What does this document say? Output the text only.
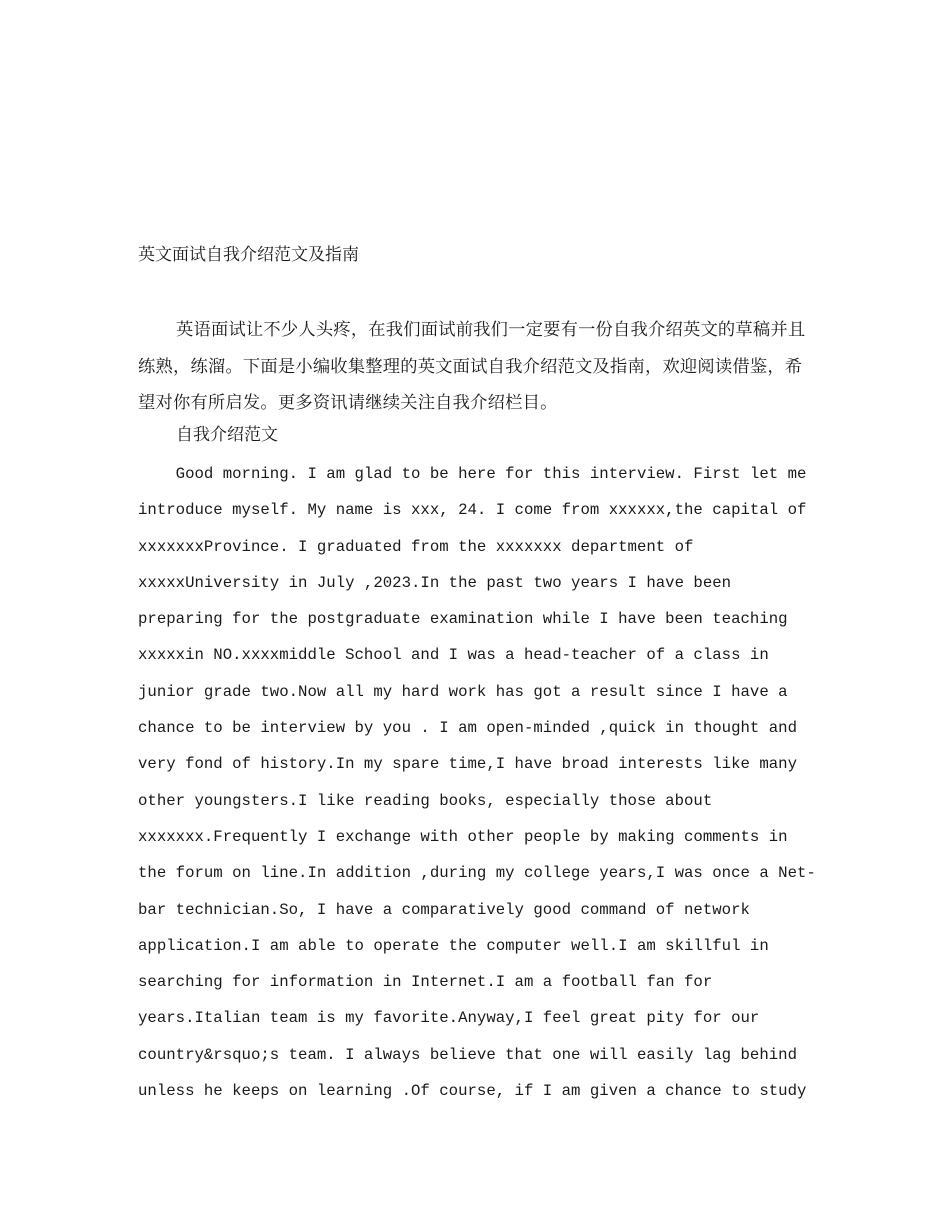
英文面试自我介绍范文及指南

英语面试让不少人头疼，在我们面试前我们一定要有一份自我介绍英文的草稿并且练熟，练溜。下面是小编收集整理的英文面试自我介绍范文及指南，欢迎阅读借鉴，希望对你有所启发。更多资讯请继续关注自我介绍栏目。

自我介绍范文
Good morning. I am glad to be here for this interview. First let me
introduce myself. My name is xxx, 24. I come from xxxxxx,the capital of
xxxxxxxProvince. I graduated from the xxxxxxx department of
xxxxxUniversity in July ,2023.In the past two years I have been
preparing for the postgraduate examination while I have been teaching
xxxxxin NO.xxxxmiddle School and I was a head-teacher of a class in
junior grade two.Now all my hard work has got a result since I have a
chance to be interview by you . I am open-minded ,quick in thought and
very fond of history.In my spare time,I have broad interests like many
other youngsters.I like reading books, especially those about
xxxxxxx.Frequently I exchange with other people by making comments in
the forum on line.In addition ,during my college years,I was once a Net-
bar technician.So, I have a comparatively good command of network
application.I am able to operate the computer well.I am skillful in
searching for information in Internet.I am a football fan for
years.Italian team is my favorite.Anyway,I feel great pity for our
country&rsquo;s team. I always believe that one will easily lag behind
unless he keeps on learning .Of course, if I am given a chance to study
